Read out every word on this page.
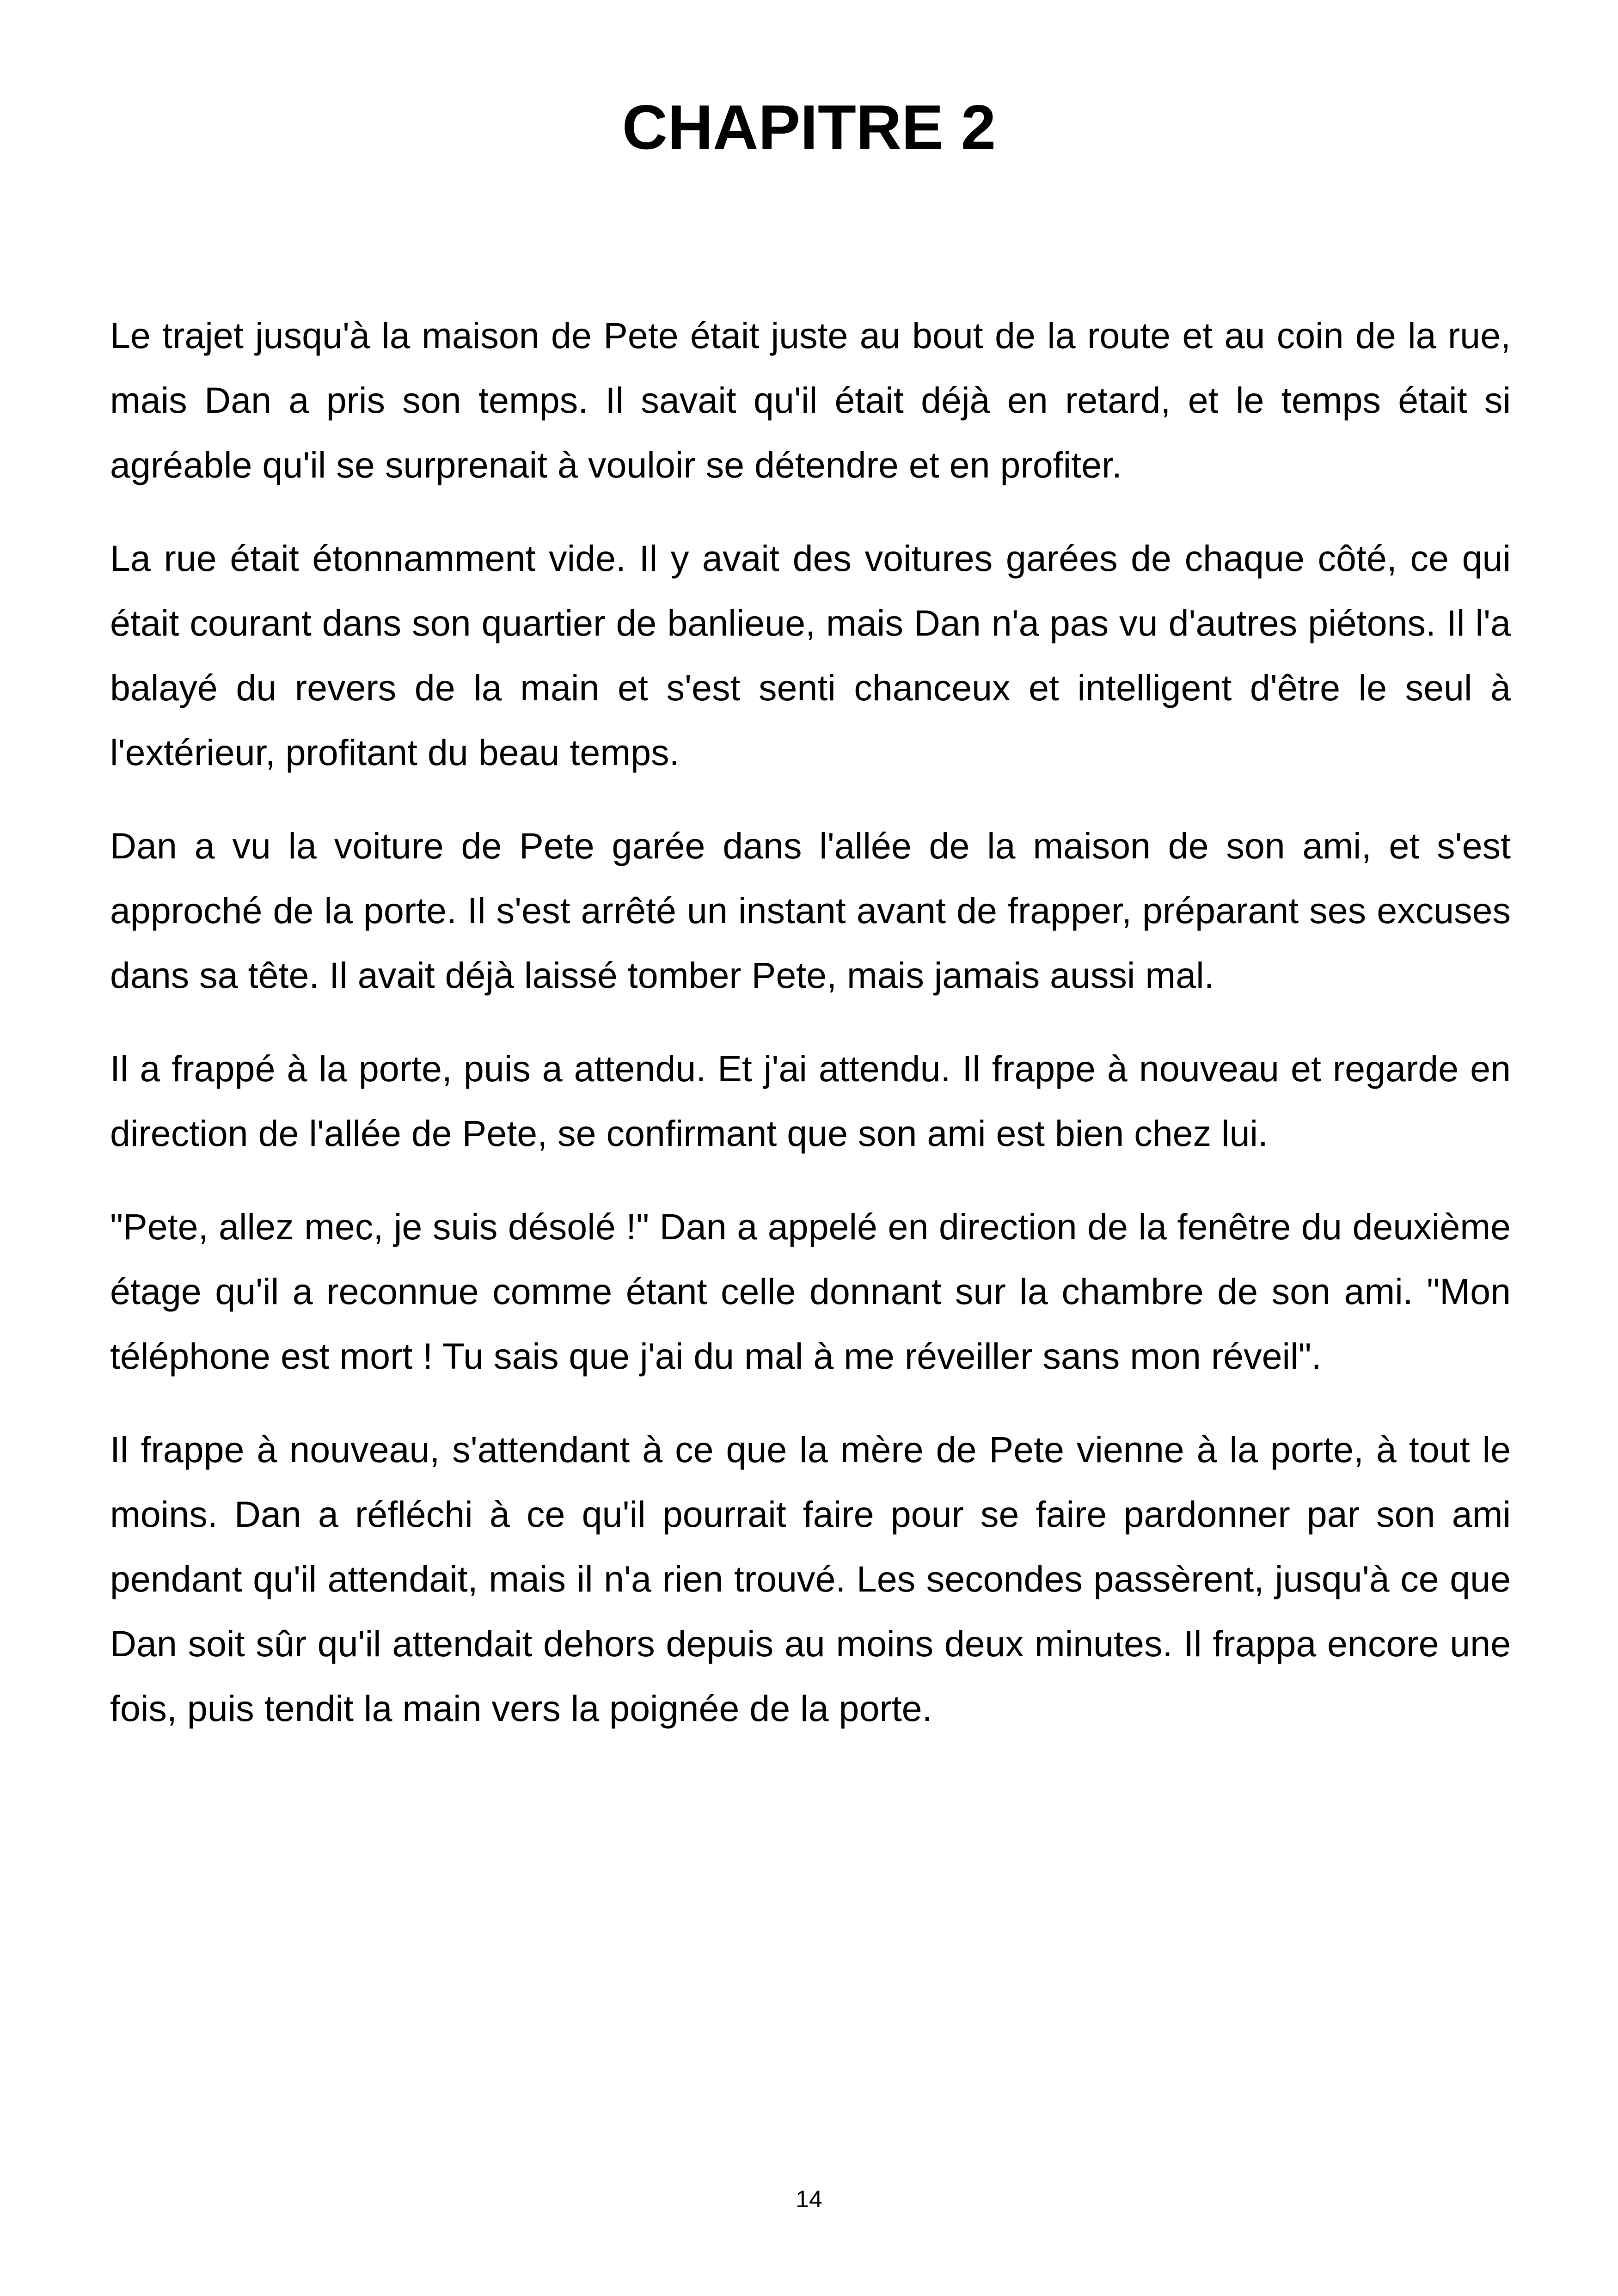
CHAPITRE 2

Le trajet jusqu'à la maison de Pete était juste au bout de la route et au coin de la rue, mais Dan a pris son temps. Il savait qu'il était déjà en retard, et le temps était si agréable qu'il se surprenait à vouloir se détendre et en profiter.

La rue était étonnamment vide. Il y avait des voitures garées de chaque côté, ce qui était courant dans son quartier de banlieue, mais Dan n'a pas vu d'autres piétons. Il l'a balayé du revers de la main et s'est senti chanceux et intelligent d'être le seul à l'extérieur, profitant du beau temps.

Dan a vu la voiture de Pete garée dans l'allée de la maison de son ami, et s'est approché de la porte. Il s'est arrêté un instant avant de frapper, préparant ses excuses dans sa tête. Il avait déjà laissé tomber Pete, mais jamais aussi mal.

Il a frappé à la porte, puis a attendu. Et j'ai attendu. Il frappe à nouveau et regarde en direction de l'allée de Pete, se confirmant que son ami est bien chez lui.

"Pete, allez mec, je suis désolé !" Dan a appelé en direction de la fenêtre du deuxième étage qu'il a reconnue comme étant celle donnant sur la chambre de son ami. "Mon téléphone est mort ! Tu sais que j'ai du mal à me réveiller sans mon réveil".

Il frappe à nouveau, s'attendant à ce que la mère de Pete vienne à la porte, à tout le moins. Dan a réfléchi à ce qu'il pourrait faire pour se faire pardonner par son ami pendant qu'il attendait, mais il n'a rien trouvé. Les secondes passèrent, jusqu'à ce que Dan soit sûr qu'il attendait dehors depuis au moins deux minutes. Il frappa encore une fois, puis tendit la main vers la poignée de la porte.

14
